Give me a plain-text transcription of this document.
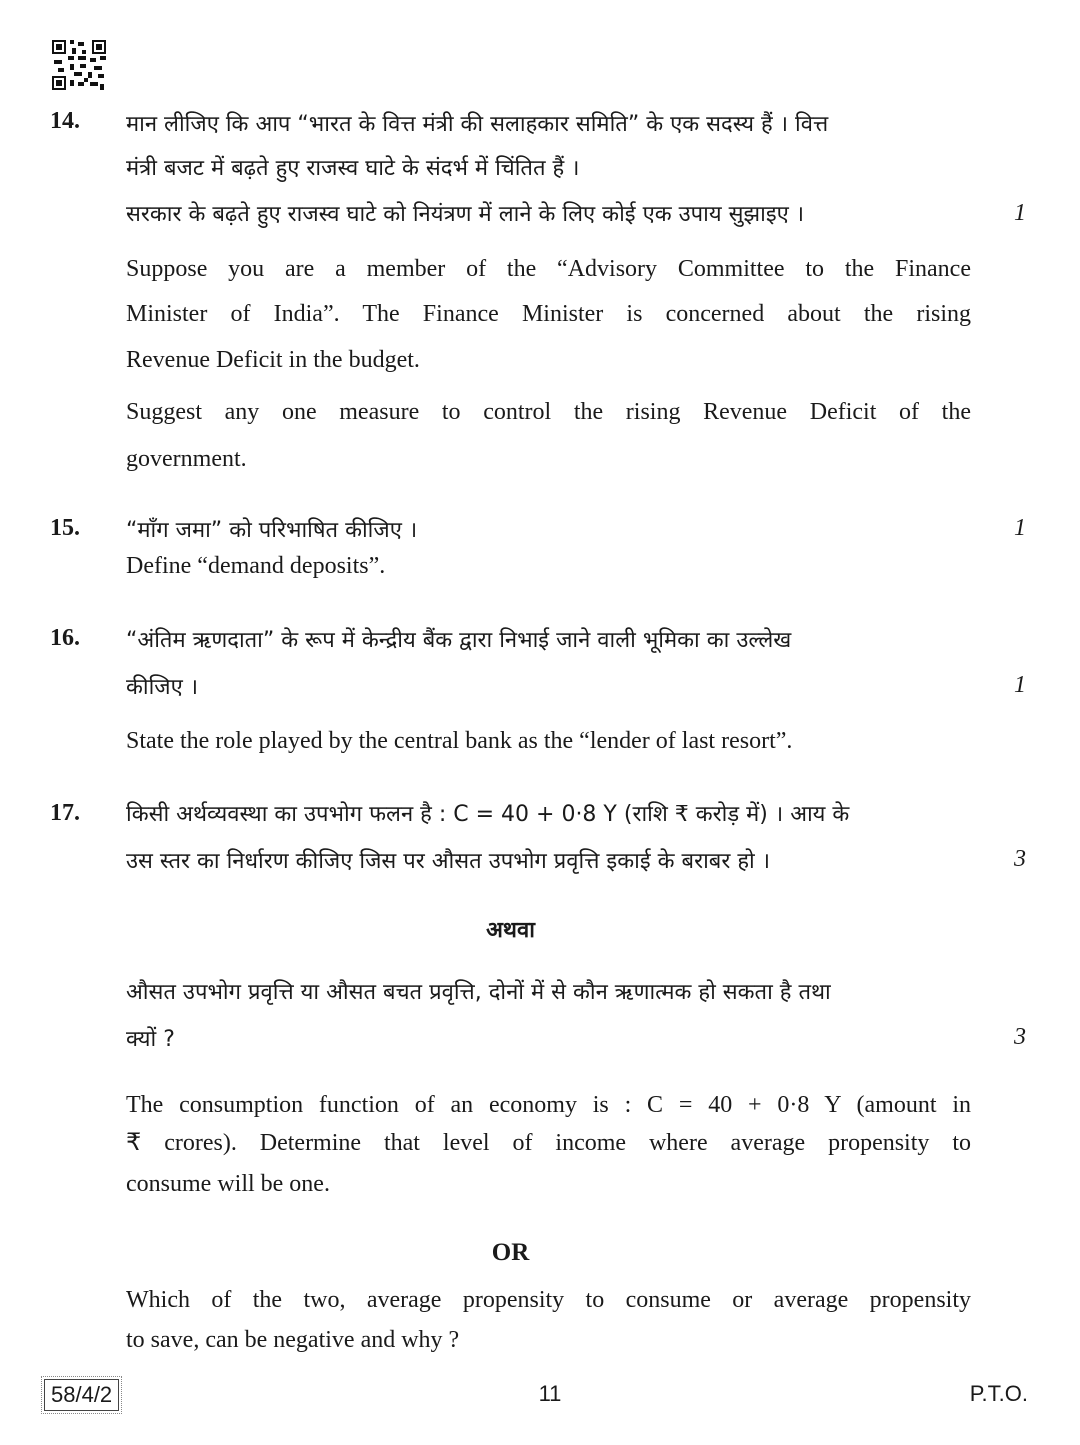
14. मान लीजिए कि आप “भारत के वित्त मंत्री की सलाहकार समिति” के एक सदस्य हैं । वित्त
मंत्री बजट में बढ़ते हुए राजस्व घाटे के संदर्भ में चिंतित हैं ।
सरकार के बढ़ते हुए राजस्व घाटे को नियंत्रण में लाने के लिए कोई एक उपाय सुझाइए ।	1
Suppose you are a member of the “Advisory Committee to the Finance
Minister of India”. The Finance Minister is concerned about the rising
Revenue Deficit in the budget.
Suggest any one measure to control the rising Revenue Deficit of the
government.
15. “माँग जमा” को परिभाषित कीजिए ।	1
Define “demand deposits”.
16. “अंतिम ऋणदाता” के रूप में केन्द्रीय बैंक द्वारा निभाई जाने वाली भूमिका का उल्लेख
कीजिए ।	1
State the role played by the central bank as the “lender of last resort”.
17. किसी अर्थव्यवस्था का उपभोग फलन है : C = 40 + 0·8 Y (राशि ₹ करोड़ में) । आय के
उस स्तर का निर्धारण कीजिए जिस पर औसत उपभोग प्रवृत्ति इकाई के बराबर हो ।	3
अथवा
औसत उपभोग प्रवृत्ति या औसत बचत प्रवृत्ति, दोनों में से कौन ऋणात्मक हो सकता है तथा
क्यों ?	3
The consumption function of an economy is : C = 40 + 0·8 Y (amount in
₹ crores). Determine that level of income where average propensity to
consume will be one.
OR
Which of the two, average propensity to consume or average propensity
to save, can be negative and why ?
58/4/2	11	P.T.O.
